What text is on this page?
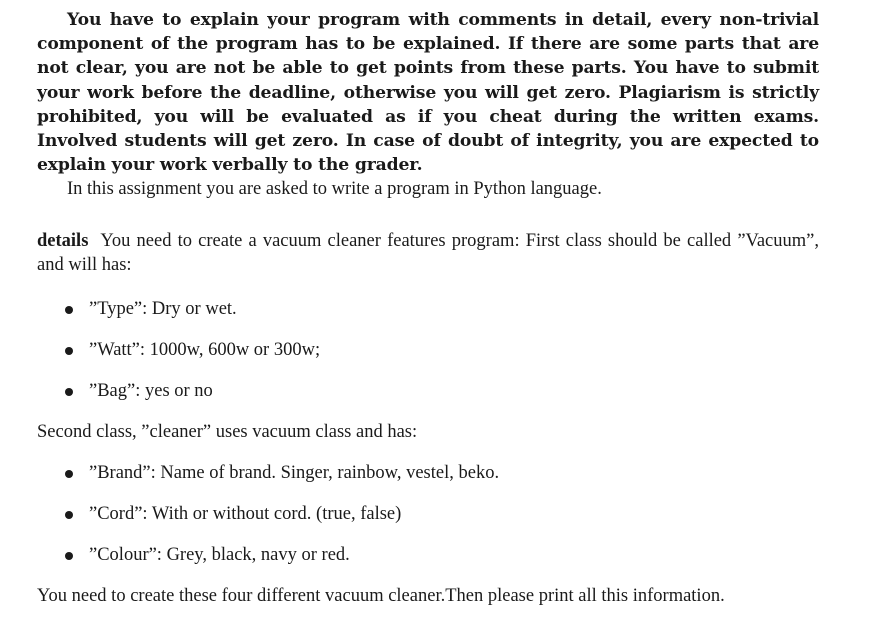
You have to explain your program with comments in detail, every non-trivial component of the program has to be explained. If there are some parts that are not clear, you are not be able to get points from these parts. You have to submit your work before the deadline, otherwise you will get zero. Plagiarism is strictly prohibited, you will be evaluated as if you cheat during the written exams. Involved students will get zero. In case of doubt of integrity, you are expected to explain your work verbally to the grader.

In this assignment you are asked to write a program in Python language.

details You need to create a vacuum cleaner features program: First class should be called ”Vacuum”, and will has:

”Type”: Dry or wet.
”Watt”: 1000w, 600w or 300w;
”Bag”: yes or no

Second class, ”cleaner” uses vacuum class and has:

”Brand”: Name of brand. Singer, rainbow, vestel, beko.
”Cord”: With or without cord. (true, false)
”Colour”: Grey, black, navy or red.

You need to create these four different vacuum cleaner.Then please print all this information.
